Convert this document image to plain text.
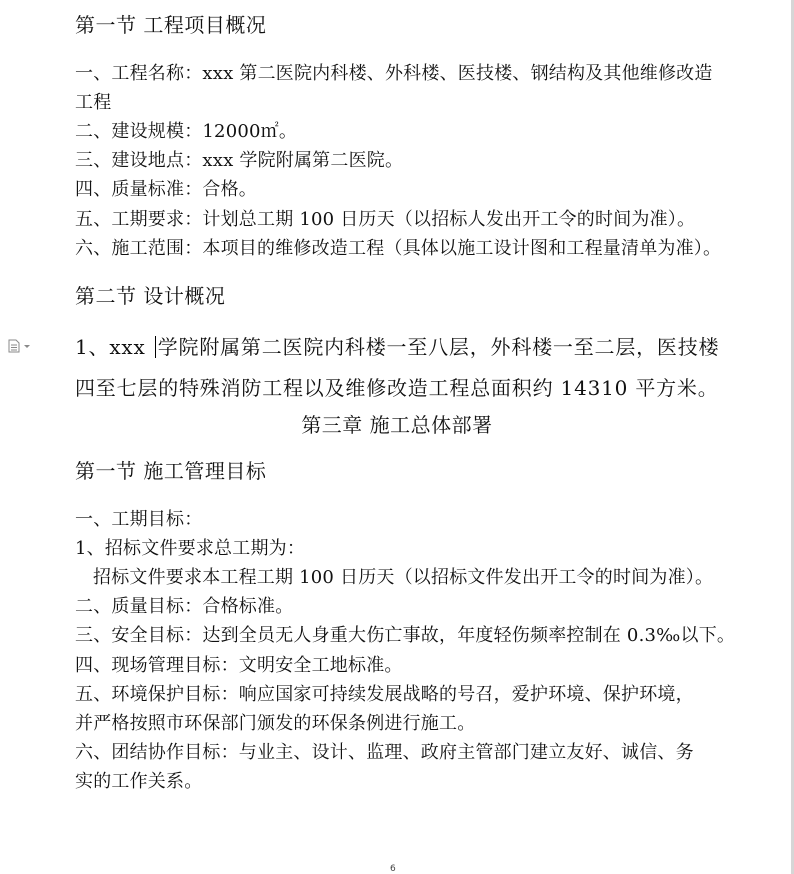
第一节 工程项目概况
一、工程名称：xxx 第二医院内科楼、外科楼、医技楼、钢结构及其他维修改造
工程
二、建设规模：12000㎡。
三、建设地点：xxx 学院附属第二医院。
四、质量标准：合格。
五、工期要求：计划总工期 100 日历天（以招标人发出开工令的时间为准）。
六、施工范围：本项目的维修改造工程（具体以施工设计图和工程量清单为准）。
第二节 设计概况
1、xxx 学院附属第二医院内科楼一至八层，外科楼一至二层，医技楼
四至七层的特殊消防工程以及维修改造工程总面积约 14310 平方米。
第三章 施工总体部署
第一节 施工管理目标
一、工期目标：
1、招标文件要求总工期为：
招标文件要求本工程工期 100 日历天（以招标文件发出开工令的时间为准）。
二、质量目标：合格标准。
三、安全目标：达到全员无人身重大伤亡事故，年度轻伤频率控制在 0.3‰以下。
四、现场管理目标：文明安全工地标准。
五、环境保护目标：响应国家可持续发展战略的号召，爱护环境、保护环境，
并严格按照市环保部门颁发的环保条例进行施工。
六、团结协作目标：与业主、设计、监理、政府主管部门建立友好、诚信、务
实的工作关系。
6
